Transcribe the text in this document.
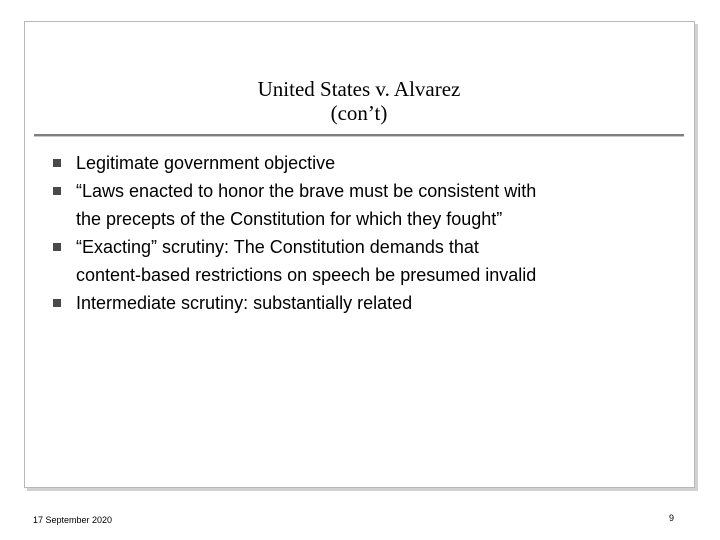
United States v. Alvarez
(con’t)
Legitimate government objective
“Laws enacted to honor the brave must be consistent with
the precepts of the Constitution for which they fought”
“Exacting” scrutiny: The Constitution demands that
content-based restrictions on speech be presumed invalid
Intermediate scrutiny: substantially related
17 September 2020	9
